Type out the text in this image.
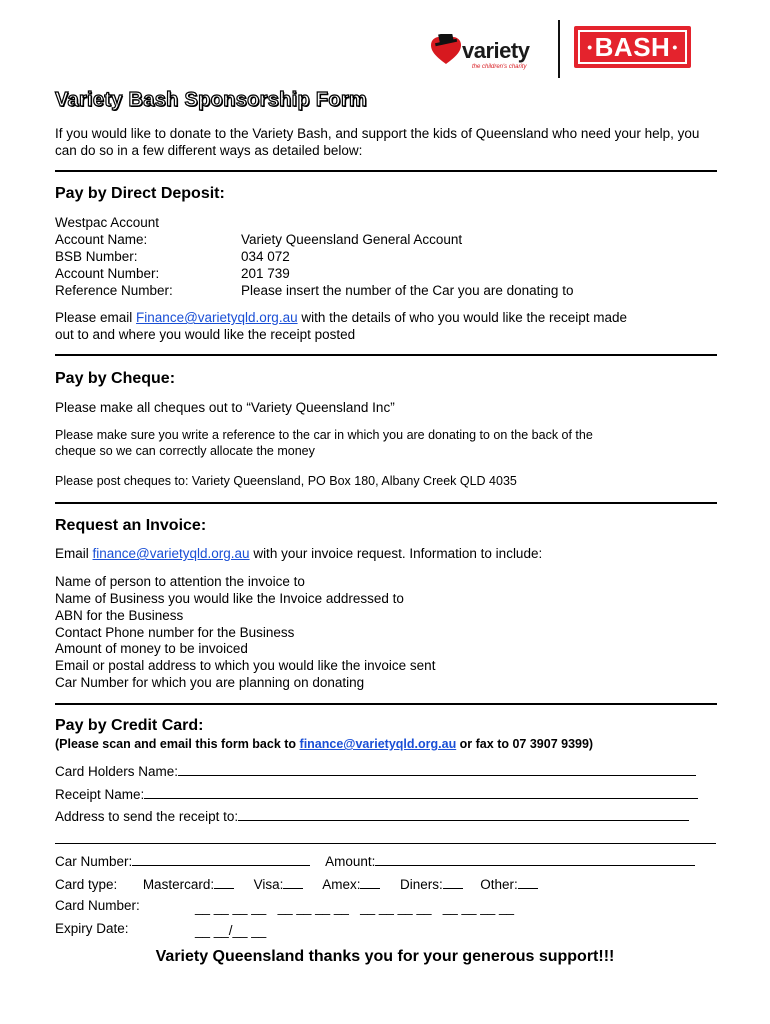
variety
the children's charity
• BASH •
Variety Bash Sponsorship Form
If you would like to donate to the Variety Bash, and support the kids of Queensland who need your help, you can do so in a few different ways as detailed below:
Pay by Direct Deposit:
Westpac Account
Account Name:	Variety Queensland General Account
BSB Number:	034 072
Account Number:	201 739
Reference Number:	Please insert the number of the Car you are donating to
Please email Finance@varietyqld.org.au with the details of who you would like the receipt made
out to and where you would like the receipt posted
Pay by Cheque:
Please make all cheques out to “Variety Queensland Inc”
Please make sure you write a reference to the car in which you are donating to on the back of the
cheque so we can correctly allocate the money
Please post cheques to: Variety Queensland, PO Box 180, Albany Creek QLD 4035
Request an Invoice:
Email finance@varietyqld.org.au with your invoice request. Information to include:
Name of person to attention the invoice to
Name of Business you would like the Invoice addressed to
ABN for the Business
Contact Phone number for the Business
Amount of money to be invoiced
Email or postal address to which you would like the invoice sent
Car Number for which you are planning on donating
Pay by Credit Card:
(Please scan and email this form back to finance@varietyqld.org.au or fax to 07 3907 9399)
Card Holders Name:
Receipt Name:
Address to send the receipt to:
Car Number:	Amount:
Card type: Mastercard:	Visa:	Amex:	Diners:	Other:
Card Number:	__ __ __ __   __ __ __ __   __ __ __ __   __ __ __ __
Expiry Date:	__ __/__ __
Variety Queensland thanks you for your generous support!!!
